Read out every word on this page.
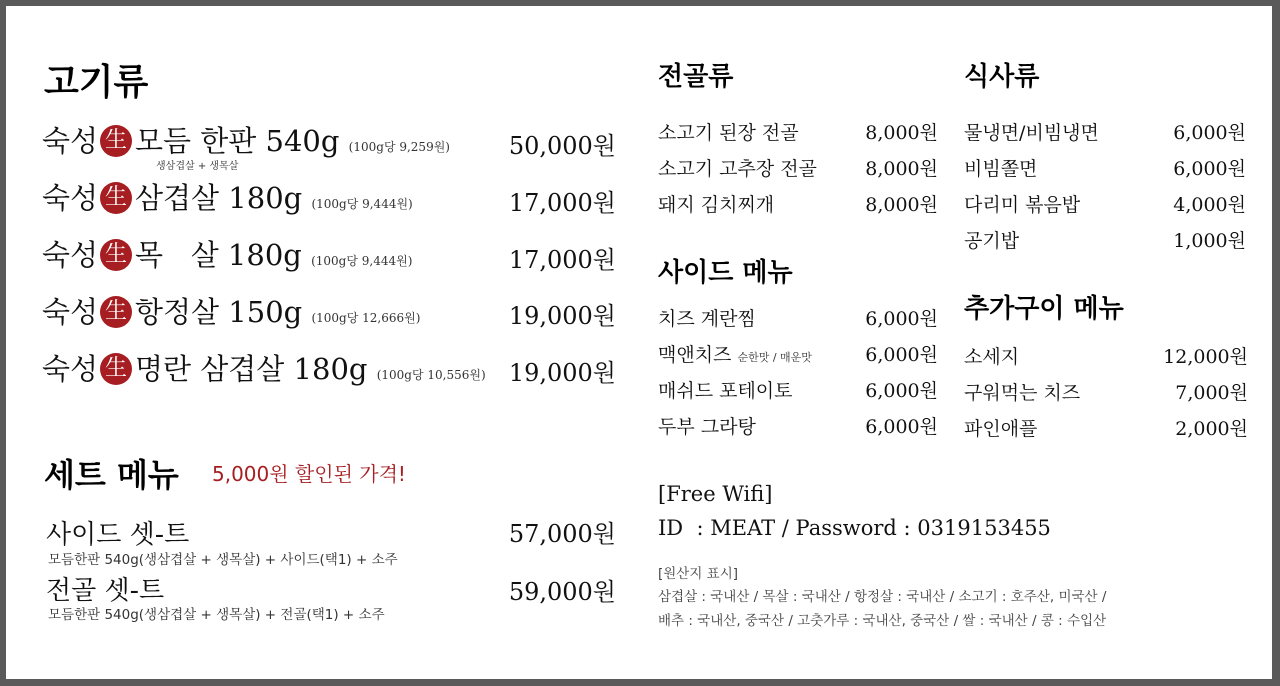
고기류
숙성 生 모듬 한판 540g (100g당 9,259원)
생삼겹살 + 생목살
50,000원
숙성 生 삼겹살 180g (100g당 9,444원)	17,000원
숙성 生 목   살 180g (100g당 9,444원)	17,000원
숙성 生 항정살 150g (100g당 12,666원)	19,000원
숙성 生 명란 삼겹살 180g (100g당 10,556원) 19,000원
세트 메뉴 5,000원 할인된 가격!
사이드 셋-트
모듬한판 540g(생삼겹살 + 생목살) + 사이드(택1) + 소주
57,000원
전골 셋-트
모듬한판 540g(생삼겹살 + 생목살) + 전골(택1) + 소주
59,000원
전골류
소고기 된장 전골	8,000원
소고기 고추장 전골	8,000원
돼지 김치찌개	8,000원
사이드 메뉴
치즈 계란찜	6,000원
맥앤치즈 순한맛 / 매운맛	6,000원
매쉬드 포테이토	6,000원
두부 그라탕	6,000원
식사류
물냉면/비빔냉면	6,000원
비빔쫄면	6,000원
다리미 볶음밥	4,000원
공기밥	1,000원
추가구이 메뉴
소세지	12,000원
구워먹는 치즈	7,000원
파인애플	2,000원
[Free Wifi]
ID  : MEAT / Password : 0319153455
[원산지 표시]
삼겹살 : 국내산 / 목살 : 국내산 / 항정살 : 국내산 / 소고기 : 호주산, 미국산 /
배추 : 국내산, 중국산 / 고춧가루 : 국내산, 중국산 / 쌀 : 국내산 / 콩 : 수입산
